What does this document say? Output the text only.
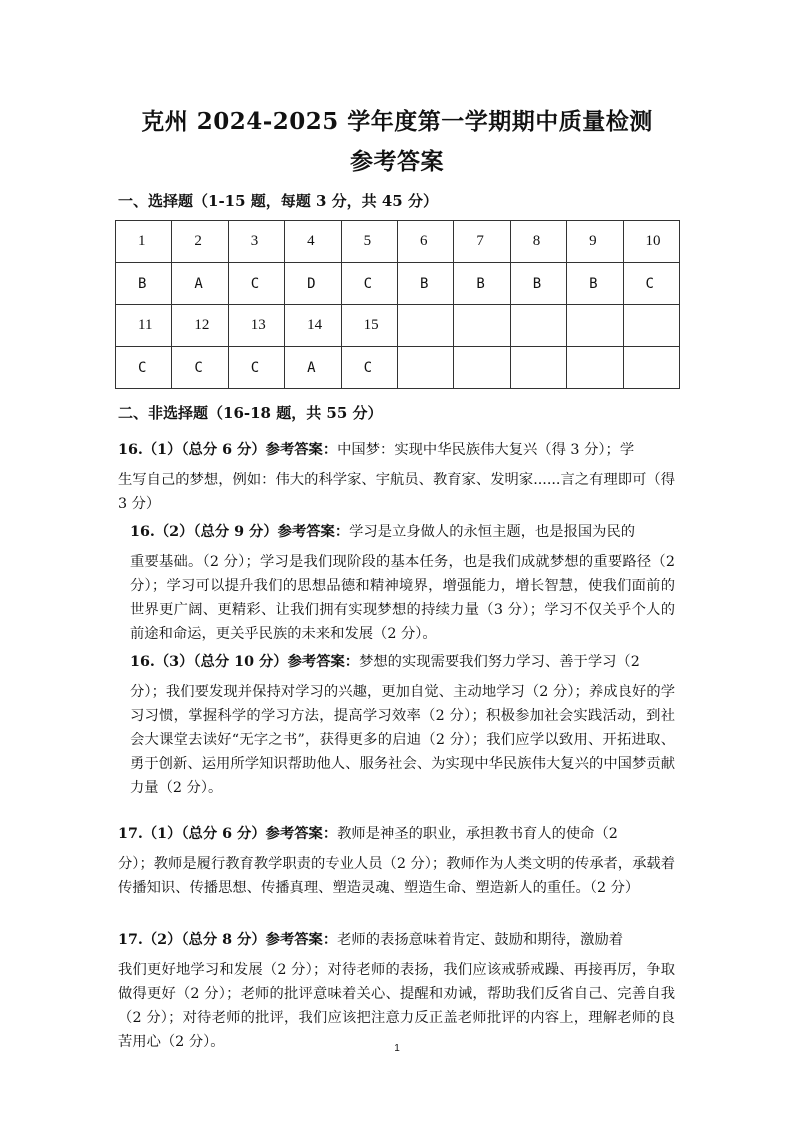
克州 2024-2025 学年度第一学期期中质量检测
参考答案
一、选择题（1-15 题，每题 3 分，共 45 分）
1	2	3	4	5	6	7	8	9	10
B	A	C	D	C	B	B	B	B	C
11	12	13	14	15					
C	C	C	A	C					
二、非选择题（16-18 题，共 55 分）
16.（1）（总分 6 分）参考答案：中国梦：实现中华民族伟大复兴（得 3 分）；学
生写自己的梦想，例如：伟大的科学家、宇航员、教育家、发明家......言之有理即可（得 3 分）
16.（2）（总分 9 分）参考答案：学习是立身做人的永恒主题，也是报国为民的
重要基础。（2 分）；学习是我们现阶段的基本任务，也是我们成就梦想的重要路径（2 分）；学习可以提升我们的思想品德和精神境界，增强能力，增长智慧，使我们面前的世界更广阔、更精彩、让我们拥有实现梦想的持续力量（3 分）；学习不仅关乎个人的前途和命运，更关乎民族的未来和发展（2 分）。
16.（3）（总分 10 分）参考答案：梦想的实现需要我们努力学习、善于学习（2
分）；我们要发现并保持对学习的兴趣，更加自觉、主动地学习（2 分）；养成良好的学习习惯，掌握科学的学习方法，提高学习效率（2 分）；积极参加社会实践活动，到社会大课堂去读好“无字之书”，获得更多的启迪（2 分）；我们应学以致用、开拓进取、勇于创新、运用所学知识帮助他人、服务社会、为实现中华民族伟大复兴的中国梦贡献力量（2 分）。
17.（1）（总分 6 分）参考答案：教师是神圣的职业，承担教书育人的使命（2
分）；教师是履行教育教学职责的专业人员（2 分）；教师作为人类文明的传承者，承载着传播知识、传播思想、传播真理、塑造灵魂、塑造生命、塑造新人的重任。（2 分）
17.（2）（总分 8 分）参考答案：老师的表扬意味着肯定、鼓励和期待，激励着
我们更好地学习和发展（2 分）；对待老师的表扬，我们应该戒骄戒躁、再接再厉，争取做得更好（2 分）；老师的批评意味着关心、提醒和劝诫，帮助我们反省自己、完善自我（2 分）；对待老师的批评，我们应该把注意力反正盖老师批评的内容上，理解老师的良苦用心（2 分）。	1
